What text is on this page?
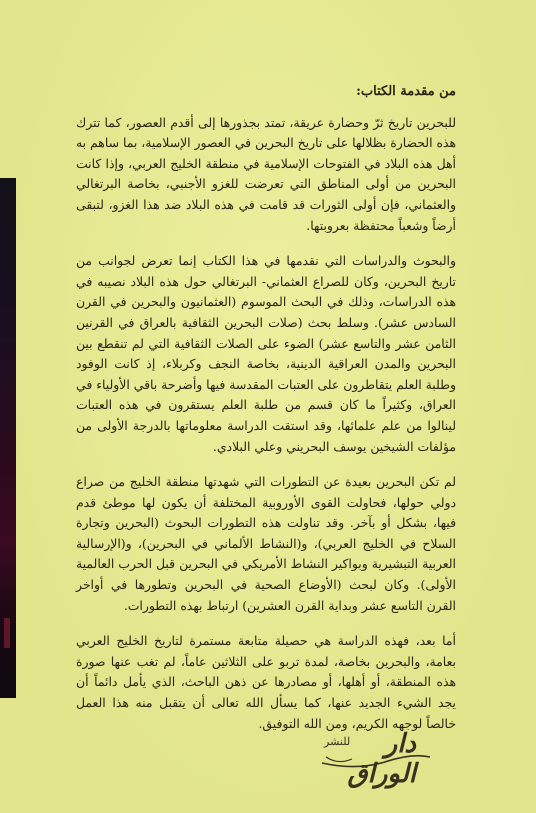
من مقدمة الكتاب:

للبحرين تاريخ ثرّ وحضارة عريقة، تمتد بجذورها إلى أقدم العصور، كما تترك هذه الحضارة بظلالها على تاريخ البحرين في العصور الإسلامية، بما ساهم به أهل هذه البلاد في الفتوحات الإسلامية في منطقة الخليج العربي، وإذا كانت البحرين من أولى المناطق التي تعرضت للغزو الأجنبي، بخاصة البرتغالي والعثماني، فإن أولى الثورات قد قامت في هذه البلاد ضد هذا الغزو، لتبقى أرضاً وشعباً محتفظة بعروبتها.

والبحوث والدراسات التي نقدمها في هذا الكتاب إنما تعرض لجوانب من تاريخ البحرين، وكان للصراع العثماني- البرتغالي حول هذه البلاد نصيبه في هذه الدراسات، وذلك في البحث الموسوم (العثمانيون والبحرين في القرن السادس عشر). وسلط بحث (صلات البحرين الثقافية بالعراق في القرنين الثامن عشر والتاسع عشر) الضوء على الصلات الثقافية التي لم تنقطع بين البحرين والمدن العراقية الدينية، بخاصة النجف وكربلاء، إذ كانت الوفود وطلبة العلم يتقاطرون على العتبات المقدسة فيها وأضرحة باقي الأولياء في العراق، وكثيراً ما كان قسم من طلبة العلم يستقرون في هذه العتبات لينالوا من علم علمائها، وقد استقت الدراسة معلوماتها بالدرجة الأولى من مؤلفات الشيخين يوسف البحريني وعلي البلادي.

لم تكن البحرين بعيدة عن التطورات التي شهدتها منطقة الخليج من صراع دولي حولها، فحاولت القوى الأوروبية المختلفة أن يكون لها موطئ قدم فيها، بشكل أو بآخر. وقد تناولت هذه التطورات البحوث (البحرين وتجارة السلاح في الخليج العربي)، و(النشاط الألماني في البحرين)، و(الإرسالية العربية التبشيرية وبواكير النشاط الأمريكي في البحرين قبل الحرب العالمية الأولى). وكان لبحث (الأوضاع الصحية في البحرين وتطورها في أواخر القرن التاسع عشر وبداية القرن العشرين) ارتباط بهذه التطورات.

أما بعد، فهذه الدراسة هي حصيلة متابعة مستمرة لتاريخ الخليج العربي بعامة، والبحرين بخاصة، لمدة تربو على الثلاثين عاماً، لم تغب عنها صورة هذه المنطقة، أو أهلها، أو مصادرها عن ذهن الباحث، الذي يأمل دائماً أن يجد الشيء الجديد عنها، كما يسأل الله تعالى أن يتقبل منه هذا العمل خالصاً لوجهه الكريم، ومن الله التوفيق.

دار الوراق
للنشر
